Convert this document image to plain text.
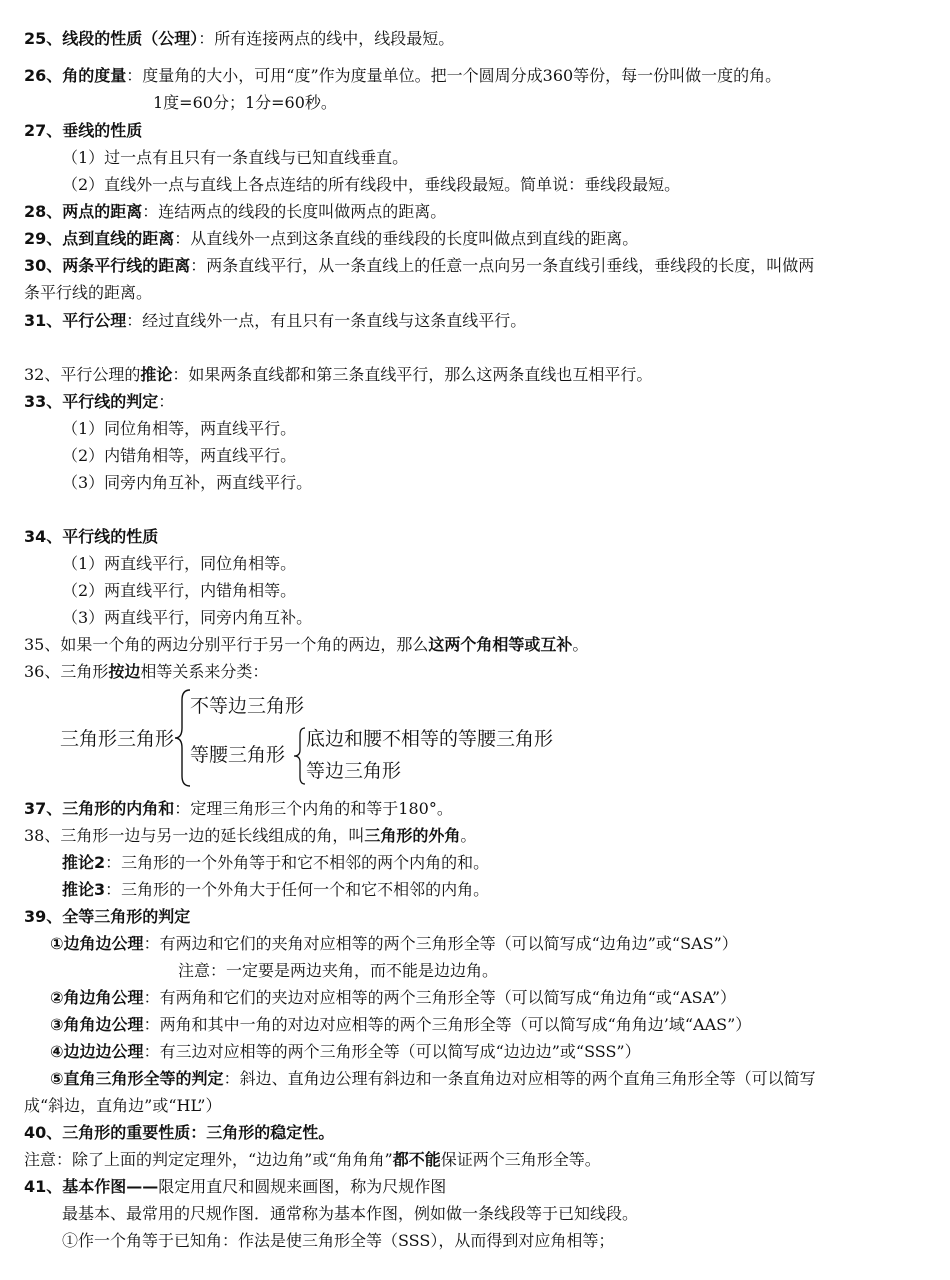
25、线段的性质（公理）：所有连接两点的线中，线段最短。
26、角的度量：度量角的大小，可用“度”作为度量单位。把一个圆周分成360等份，每一份叫做一度的角。
1度=60分；1分=60秒。
27、垂线的性质
（1）过一点有且只有一条直线与已知直线垂直。
（2）直线外一点与直线上各点连结的所有线段中，垂线段最短。简单说：垂线段最短。
28、两点的距离：连结两点的线段的长度叫做两点的距离。
29、点到直线的距离：从直线外一点到这条直线的垂线段的长度叫做点到直线的距离。
30、两条平行线的距离：两条直线平行，从一条直线上的任意一点向另一条直线引垂线，垂线段的长度，叫做两
条平行线的距离。
31、平行公理：经过直线外一点，有且只有一条直线与这条直线平行。
32、平行公理的推论：如果两条直线都和第三条直线平行，那么这两条直线也互相平行。
33、平行线的判定：
（1）同位角相等，两直线平行。
（2）内错角相等，两直线平行。
（3）同旁内角互补，两直线平行。
34、平行线的性质
（1）两直线平行，同位角相等。
（2）两直线平行，内错角相等。
（3）两直线平行，同旁内角互补。
35、如果一个角的两边分别平行于另一个角的两边，那么这两个角相等或互补。
36、三角形按边相等关系来分类：
三角形三角形
不等边三角形
等腰三角形
底边和腰不相等的等腰三角形
等边三角形
37、三角形的内角和：定理三角形三个内角的和等于180°。
38、三角形一边与另一边的延长线组成的角，叫三角形的外角。
推论2：三角形的一个外角等于和它不相邻的两个内角的和。
推论3：三角形的一个外角大于任何一个和它不相邻的内角。
39、全等三角形的判定
①边角边公理：有两边和它们的夹角对应相等的两个三角形全等（可以简写成“边角边”或“SAS”）
注意：一定要是两边夹角，而不能是边边角。
②角边角公理：有两角和它们的夹边对应相等的两个三角形全等（可以简写成“角边角“或“ASA”）
③角角边公理：两角和其中一角的对边对应相等的两个三角形全等（可以简写成“角角边’域“AAS”）
④边边边公理：有三边对应相等的两个三角形全等（可以简写成“边边边”或“SSS”）
⑤直角三角形全等的判定：斜边、直角边公理有斜边和一条直角边对应相等的两个直角三角形全等（可以简写
成“斜边，直角边”或“HL”）
40、三角形的重要性质：三角形的稳定性。
注意：除了上面的判定定理外，“边边角”或“角角角”都不能保证两个三角形全等。
41、基本作图——限定用直尺和圆规来画图，称为尺规作图
最基本、最常用的尺规作图．通常称为基本作图，例如做一条线段等于已知线段。
①作一个角等于已知角：作法是使三角形全等（SSS），从而得到对应角相等；
